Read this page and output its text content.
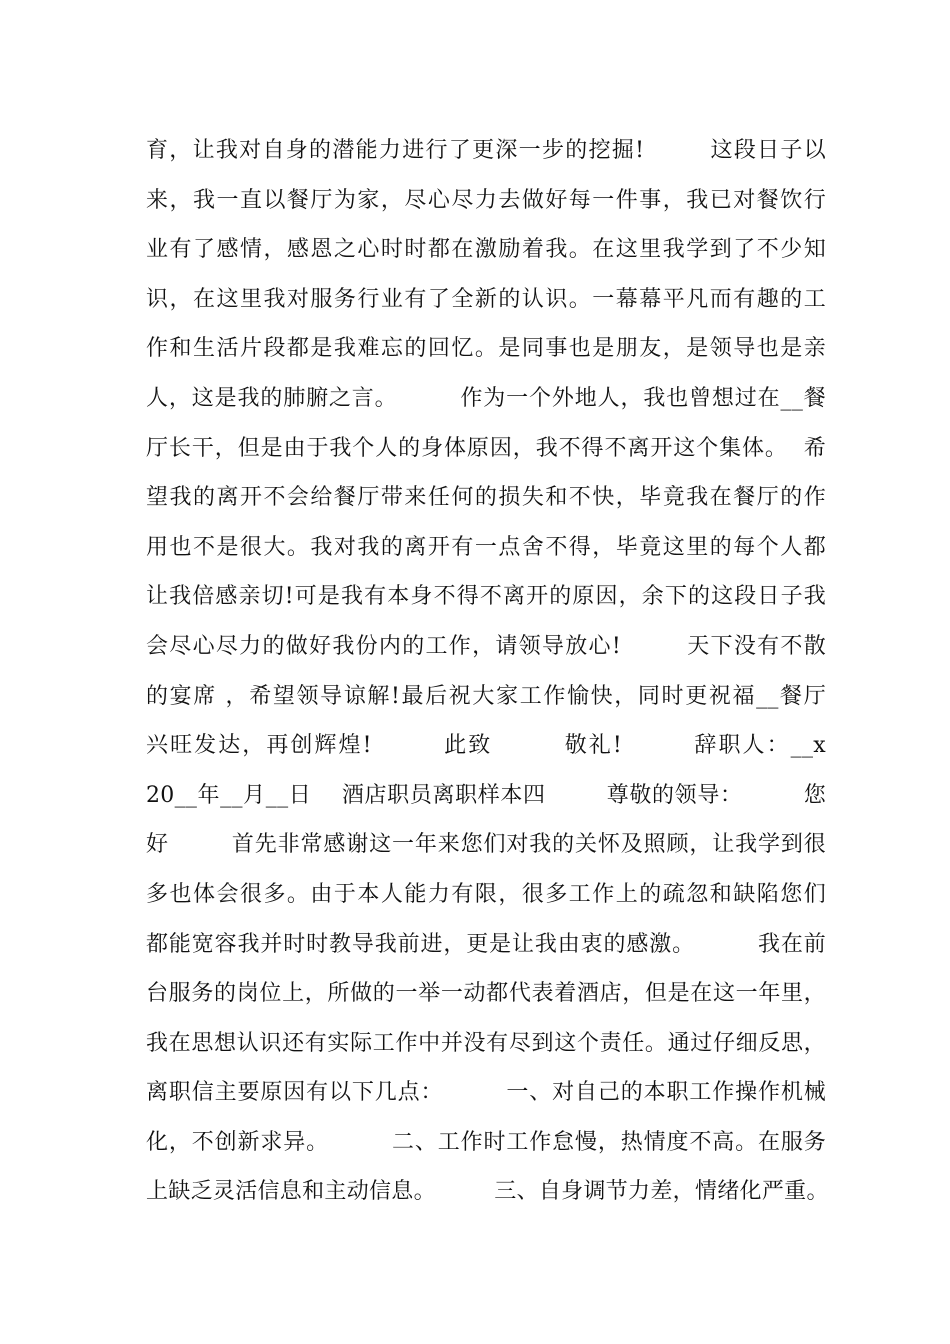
育，让我对自身的潜能力进行了更深一步的挖掘!        这段日子以
来，我一直以餐厅为家，尽心尽力去做好每一件事，我已对餐饮行
业有了感情，感恩之心时时都在激励着我。在这里我学到了不少知
识，在这里我对服务行业有了全新的认识。一幕幕平凡而有趣的工
作和生活片段都是我难忘的回忆。是同事也是朋友，是领导也是亲
人，这是我的肺腑之言。        作为一个外地人，我也曾想过在__餐
厅长干，但是由于我个人的身体原因，我不得不离开这个集体。  希
望我的离开不会给餐厅带来任何的损失和不快，毕竟我在餐厅的作
用也不是很大。我对我的离开有一点舍不得，毕竟这里的每个人都
让我倍感亲切!可是我有本身不得不离开的原因，余下的这段日子我
会尽心尽力的做好我份内的工作，请领导放心!        天下没有不散
的宴席 ，希望领导谅解!最后祝大家工作愉快，同时更祝福__餐厅
兴旺发达，再创辉煌!        此致        敬礼!        辞职人：__x
20__年__月__日    酒店职员离职样本四        尊敬的领导：        您
好        首先非常感谢这一年来您们对我的关怀及照顾，让我学到很
多也体会很多。由于本人能力有限，很多工作上的疏忽和缺陷您们
都能宽容我并时时教导我前进，更是让我由衷的感激。        我在前
台服务的岗位上，所做的一举一动都代表着酒店，但是在这一年里，
我在思想认识还有实际工作中并没有尽到这个责任。通过仔细反思，
离职信主要原因有以下几点：        一、对自己的本职工作操作机械
化，不创新求异。        二、工作时工作怠慢，热情度不高。在服务
上缺乏灵活信息和主动信息。        三、自身调节力差，情绪化严重。
